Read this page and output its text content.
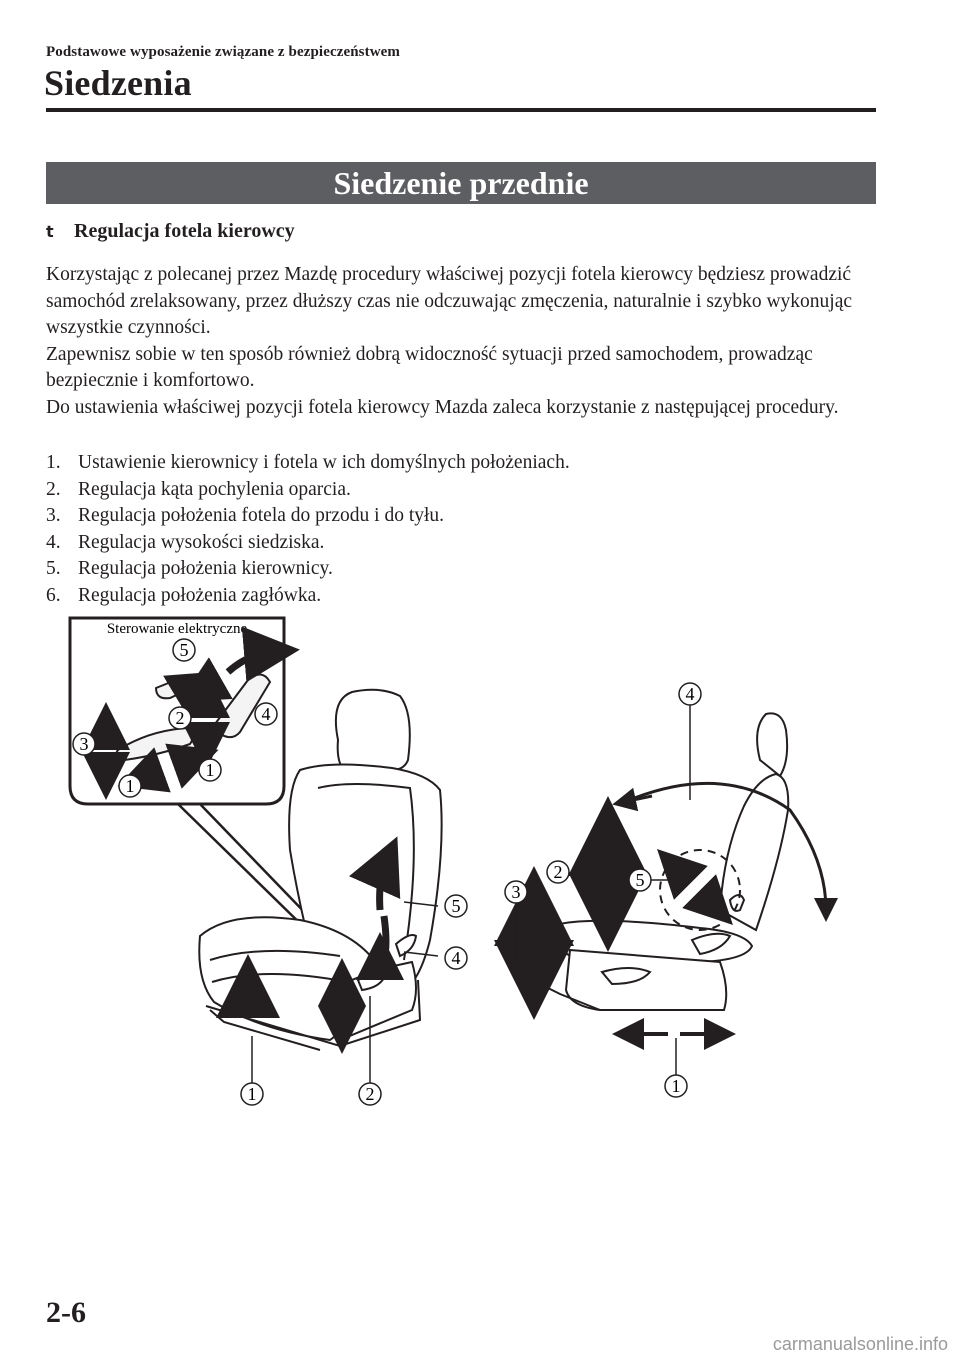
Podstawowe wyposażenie związane z bezpieczeństwem
Siedzenia
Siedzenie przednie
t	Regulacja fotela kierowcy

Korzystając z polecanej przez Mazdę procedury właściwej pozycji fotela kierowcy będziesz prowadzić samochód zrelaksowany, przez dłuższy czas nie odczuwając zmęczenia, naturalnie i szybko wykonując wszystkie czynności.

Zapewnisz sobie w ten sposób również dobrą widoczność sytuacji przed samochodem, prowadząc bezpiecznie i komfortowo.

Do ustawienia właściwej pozycji fotela kierowcy Mazda zaleca korzystanie z następującej procedury.

1. Ustawienie kierownicy i fotela w ich domyślnych położeniach.
2. Regulacja kąta pochylenia oparcia.
3. Regulacja położenia fotela do przodu i do tyłu.
4. Regulacja wysokości siedziska.
5. Regulacja położenia kierownicy.
6. Regulacja położenia zagłówka.
Sterowanie elektryczne
5
2	4
3
1
1
5
4
1	2
4
2	5
3
1
2-6
carmanualsonline.info
